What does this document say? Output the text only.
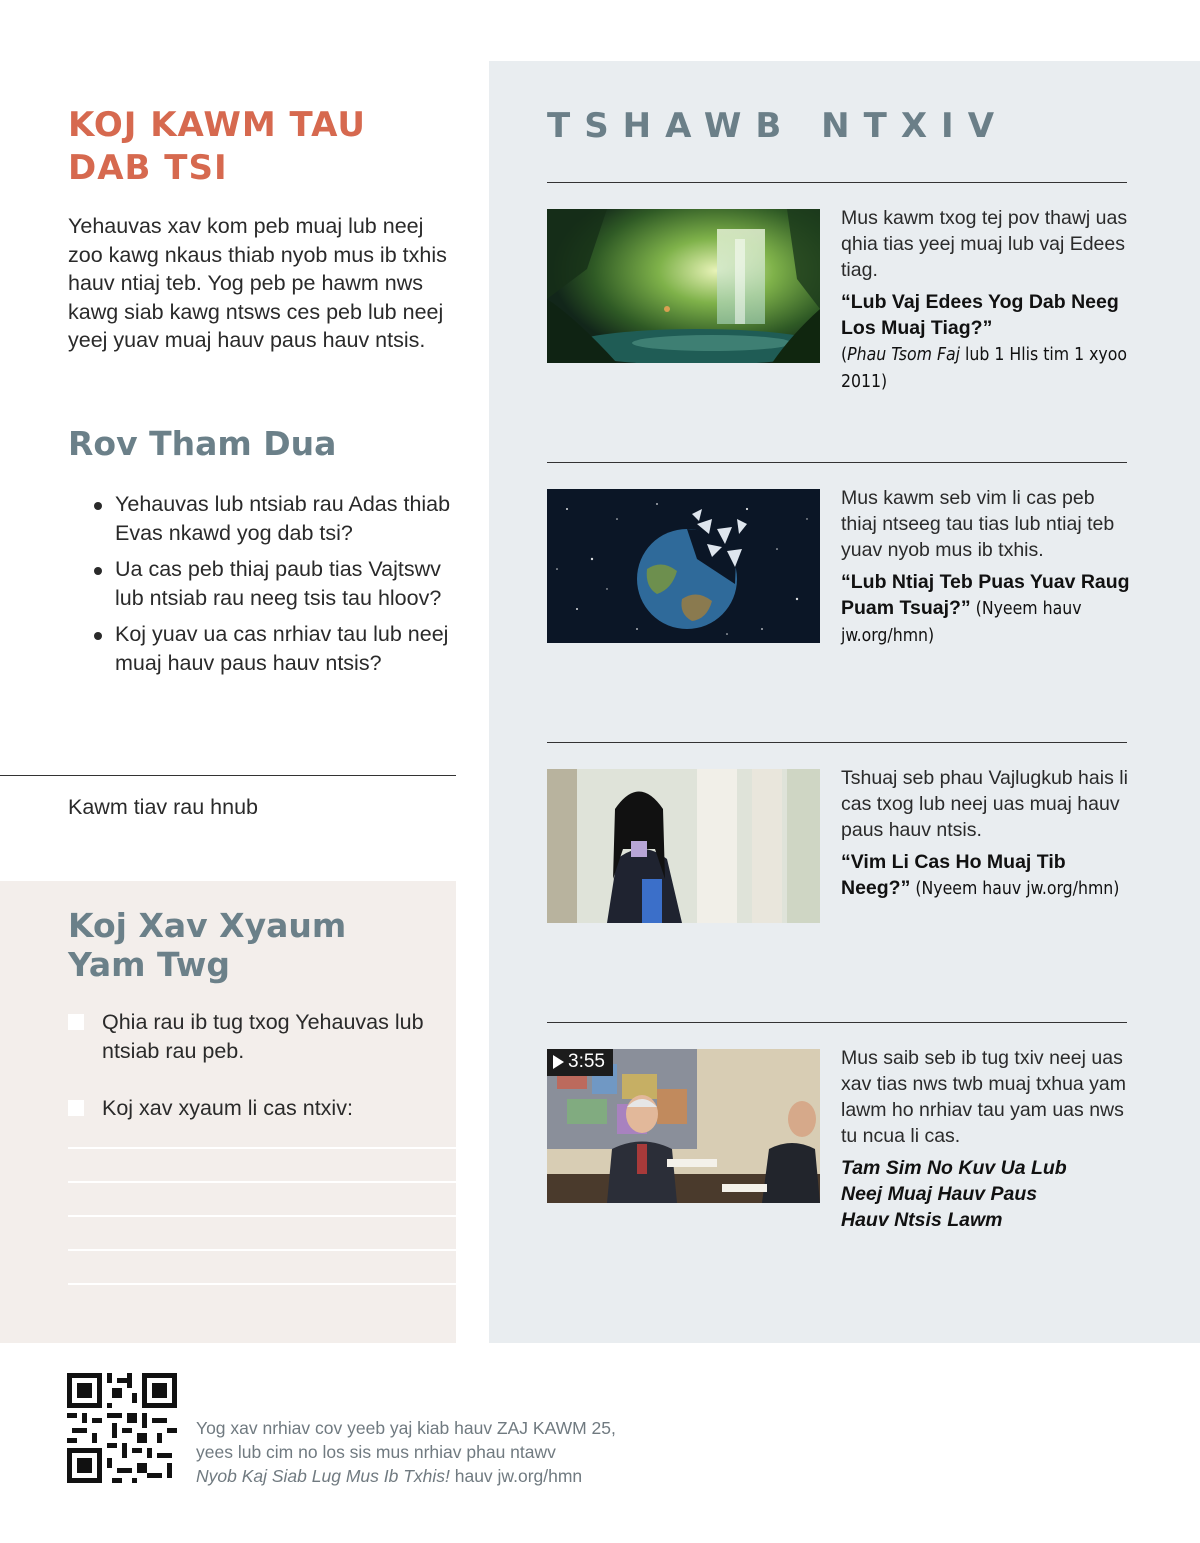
KOJ KAWM TAU
DAB TSI

Yehauvas xav kom peb muaj lub neej zoo kawg nkaus thiab nyob mus ib txhis hauv ntiaj teb. Yog peb pe hawm nws kawg siab kawg ntsws ces peb lub neej yeej yuav muaj hauv paus hauv ntsis.

Rov Tham Dua
Yehauvas lub ntsiab rau Adas thiab Evas nkawd yog dab tsi?
Ua cas peb thiaj paub tias Vajtswv lub ntsiab rau neeg tsis tau hloov?
Koj yuav ua cas nrhiav tau lub neej muaj hauv paus hauv ntsis?
Kawm tiav rau hnub
Koj Xav Xyaum
Yam Twg
Qhia rau ib tug txog Yehauvas lub ntsiab rau peb.
Koj xav xyaum li cas ntxiv:
TSHAWB NTXIV

Mus kawm txog tej pov thawj uas qhia tias yeej muaj lub vaj Edees tiag.

“Lub Vaj Edees Yog Dab Neeg Los Muaj Tiag?”
(Phau Tsom Faj lub 1 Hlis tim 1 xyoo 2011)

Mus kawm seb vim li cas peb thiaj ntseeg tau tias lub ntiaj teb yuav nyob mus ib txhis.

“Lub Ntiaj Teb Puas Yuav Raug Puam Tsuaj?” (Nyeem hauv jw.org/hmn)

Tshuaj seb phau Vajlugkub hais li cas txog lub neej uas muaj hauv paus hauv ntsis.

“Vim Li Cas Ho Muaj Tib Neeg?” (Nyeem hauv jw.org/hmn)

3:55	Mus saib seb ib tug txiv neej uas xav tias nws twb muaj txhua yam lawm ho nrhiav tau yam uas nws tu ncua li cas.

Tam Sim No Kuv Ua Lub Neej Muaj Hauv Paus Hauv Ntsis Lawm

Yog xav nrhiav cov yeeb yaj kiab hauv ZAJ KAWM 25,
yees lub cim no los sis mus nrhiav phau ntawv
Nyob Kaj Siab Lug Mus Ib Txhis! hauv jw.org/hmn
